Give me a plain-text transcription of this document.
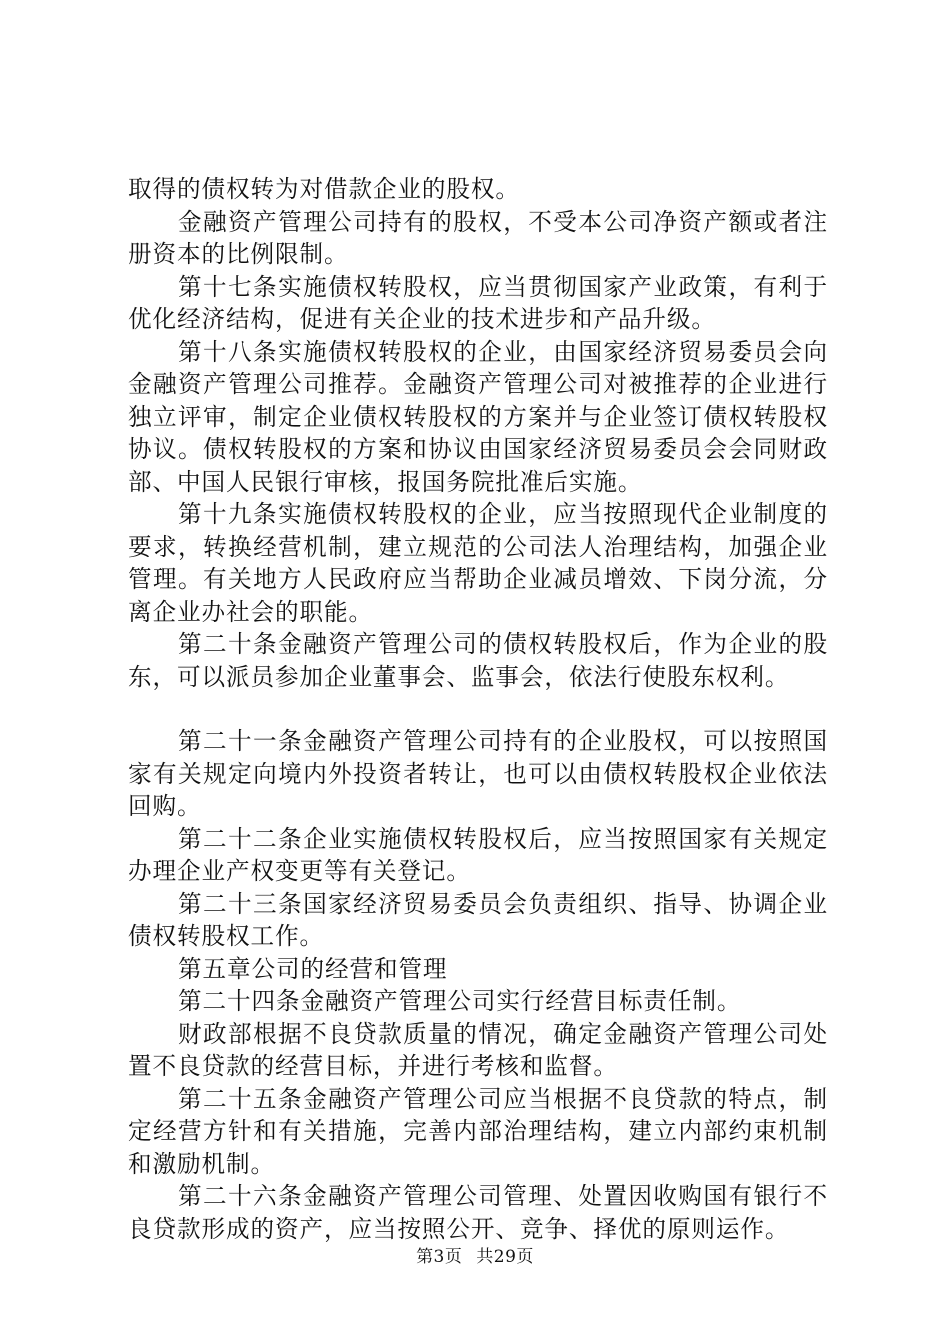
取得的债权转为对借款企业的股权。

金融资产管理公司持有的股权，不受本公司净资产额或者注册资本的比例限制。

第十七条实施债权转股权，应当贯彻国家产业政策，有利于优化经济结构，促进有关企业的技术进步和产品升级。

第十八条实施债权转股权的企业，由国家经济贸易委员会向金融资产管理公司推荐。金融资产管理公司对被推荐的企业进行独立评审，制定企业债权转股权的方案并与企业签订债权转股权协议。债权转股权的方案和协议由国家经济贸易委员会会同财政部、中国人民银行审核，报国务院批准后实施。

第十九条实施债权转股权的企业，应当按照现代企业制度的要求，转换经营机制，建立规范的公司法人治理结构，加强企业管理。有关地方人民政府应当帮助企业减员增效、下岗分流，分离企业办社会的职能。

第二十条金融资产管理公司的债权转股权后，作为企业的股东，可以派员参加企业董事会、监事会，依法行使股东权利。

第二十一条金融资产管理公司持有的企业股权，可以按照国家有关规定向境内外投资者转让，也可以由债权转股权企业依法回购。

第二十二条企业实施债权转股权后，应当按照国家有关规定办理企业产权变更等有关登记。

第二十三条国家经济贸易委员会负责组织、指导、协调企业债权转股权工作。

第五章公司的经营和管理

第二十四条金融资产管理公司实行经营目标责任制。

财政部根据不良贷款质量的情况，确定金融资产管理公司处置不良贷款的经营目标，并进行考核和监督。

第二十五条金融资产管理公司应当根据不良贷款的特点，制定经营方针和有关措施，完善内部治理结构，建立内部约束机制和激励机制。

第二十六条金融资产管理公司管理、处置因收购国有银行不良贷款形成的资产，应当按照公开、竞争、择优的原则运作。

第3页 共29页
